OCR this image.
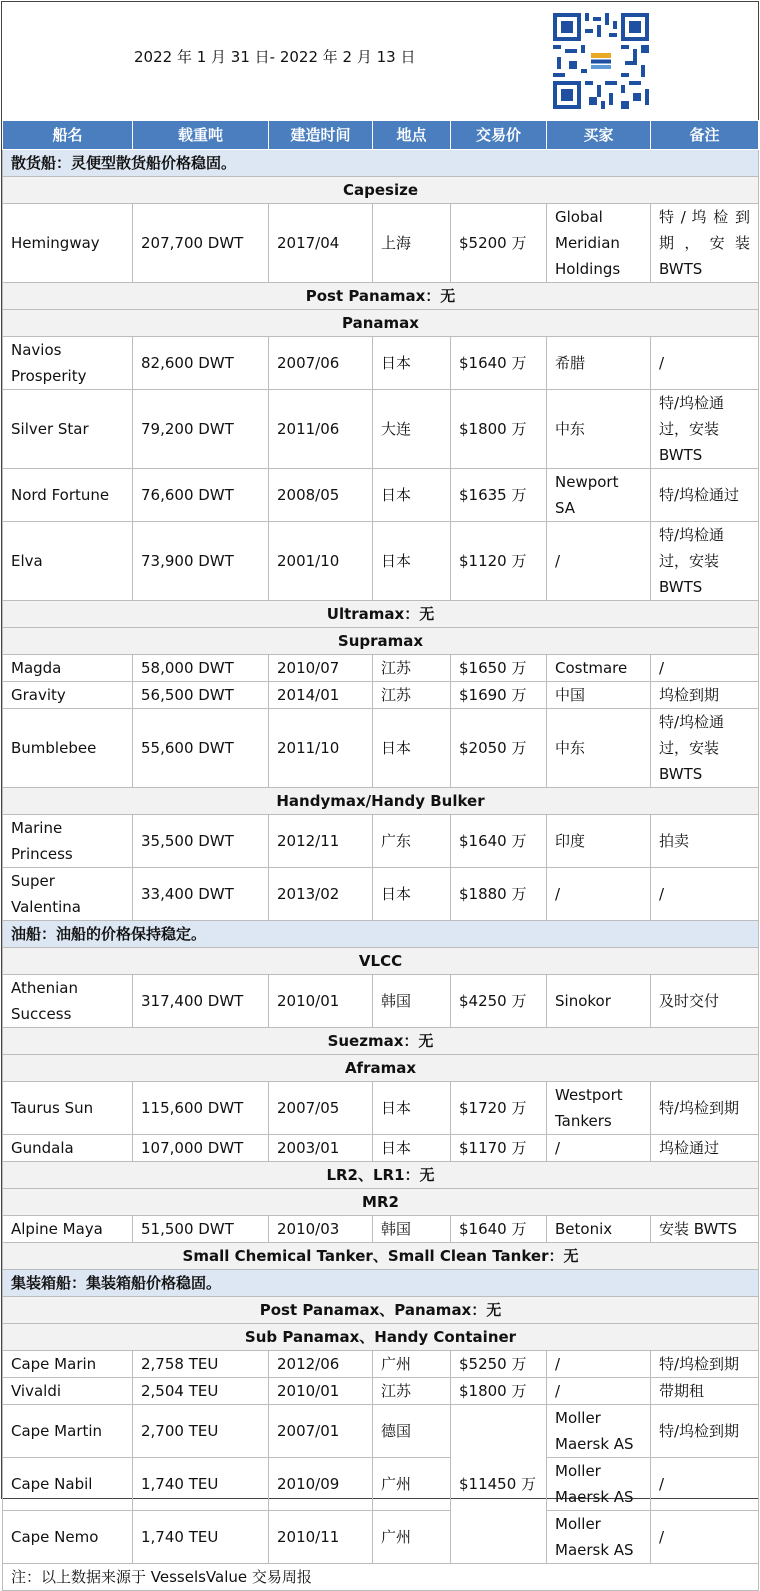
2022 年 1 月 31 日- 2022 年 2 月 13 日
船名	载重吨	建造时间	地点	交易价	买家	备注
散货船：灵便型散货船价格稳固。						
Capesize						
Hemingway	207,700 DWT	2017/04	上海	$5200 万	Global Meridian Holdings	特 / 坞 检 到 期 ， 安 装 BWTS
Post Panamax：无						
Panamax						
Navios Prosperity	82,600 DWT	2007/06	日本	$1640 万	希腊	/
Silver Star	79,200 DWT	2011/06	大连	$1800 万	中东	特/坞检通过，安装 BWTS
Nord Fortune	76,600 DWT	2008/05	日本	$1635 万	Newport SA	特/坞检通过
Elva	73,900 DWT	2001/10	日本	$1120 万	/	特/坞检通过，安装 BWTS
Ultramax：无						
Supramax						
Magda	58,000 DWT	2010/07	江苏	$1650 万	Costmare	/
Gravity	56,500 DWT	2014/01	江苏	$1690 万	中国	坞检到期
Bumblebee	55,600 DWT	2011/10	日本	$2050 万	中东	特/坞检通过，安装 BWTS
Handymax/Handy Bulker						
Marine Princess	35,500 DWT	2012/11	广东	$1640 万	印度	拍卖
Super Valentina	33,400 DWT	2013/02	日本	$1880 万	/	/
油船：油船的价格保持稳定。						
VLCC						
Athenian Success	317,400 DWT	2010/01	韩国	$4250 万	Sinokor	及时交付
Suezmax：无						
Aframax						
Taurus Sun	115,600 DWT	2007/05	日本	$1720 万	Westport Tankers	特/坞检到期
Gundala	107,000 DWT	2003/01	日本	$1170 万	/	坞检通过
LR2、LR1：无						
MR2						
Alpine Maya	51,500 DWT	2010/03	韩国	$1640 万	Betonix	安装 BWTS
Small Chemical Tanker、Small Clean Tanker：无						
集装箱船：集装箱船价格稳固。						
Post Panamax、Panamax：无						
Sub Panamax、Handy Container						
Cape Marin	2,758 TEU	2012/06	广州	$5250 万	/	特/坞检到期
Vivaldi	2,504 TEU	2010/01	江苏	$1800 万	/	带期租
Cape Martin	2,700 TEU	2007/01	德国	$11450 万	Moller Maersk AS	特/坞检到期
Cape Nabil	1,740 TEU	2010/09	广州		Moller Maersk AS	/
Cape Nemo	1,740 TEU	2010/11	广州		Moller Maersk AS	/
注：以上数据来源于 VesselsValue 交易周报						
